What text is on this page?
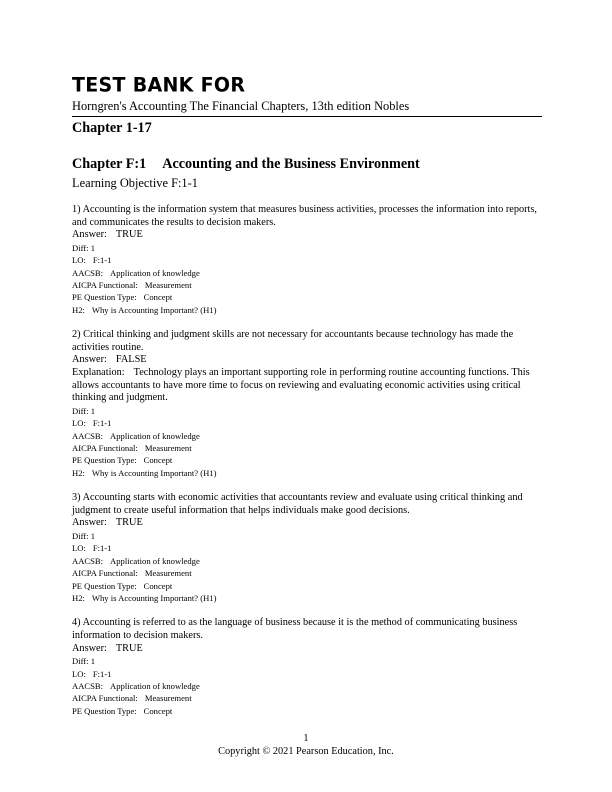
TEST BANK FOR
Horngren's Accounting The Financial Chapters, 13th edition Nobles
Chapter 1-17
Chapter F:1 Accounting and the Business Environment
Learning Objective F:1-1
1) Accounting is the information system that measures business activities, processes the information into reports, and communicates the results to decision makers.
Answer: TRUE
Diff: 1
LO: F:1-1
AACSB: Application of knowledge
AICPA Functional: Measurement
PE Question Type: Concept
H2: Why is Accounting Important? (H1)
2) Critical thinking and judgment skills are not necessary for accountants because technology has made the activities routine.
Answer: FALSE
Explanation: Technology plays an important supporting role in performing routine accounting functions. This allows accountants to have more time to focus on reviewing and evaluating economic activities using critical thinking and judgment.
Diff: 1
LO: F:1-1
AACSB: Application of knowledge
AICPA Functional: Measurement
PE Question Type: Concept
H2: Why is Accounting Important? (H1)
3) Accounting starts with economic activities that accountants review and evaluate using critical thinking and judgment to create useful information that helps individuals make good decisions.
Answer: TRUE
Diff: 1
LO: F:1-1
AACSB: Application of knowledge
AICPA Functional: Measurement
PE Question Type: Concept
H2: Why is Accounting Important? (H1)
4) Accounting is referred to as the language of business because it is the method of communicating business information to decision makers.
Answer: TRUE
Diff: 1
LO: F:1-1
AACSB: Application of knowledge
AICPA Functional: Measurement
PE Question Type: Concept
1
Copyright © 2021 Pearson Education, Inc.
